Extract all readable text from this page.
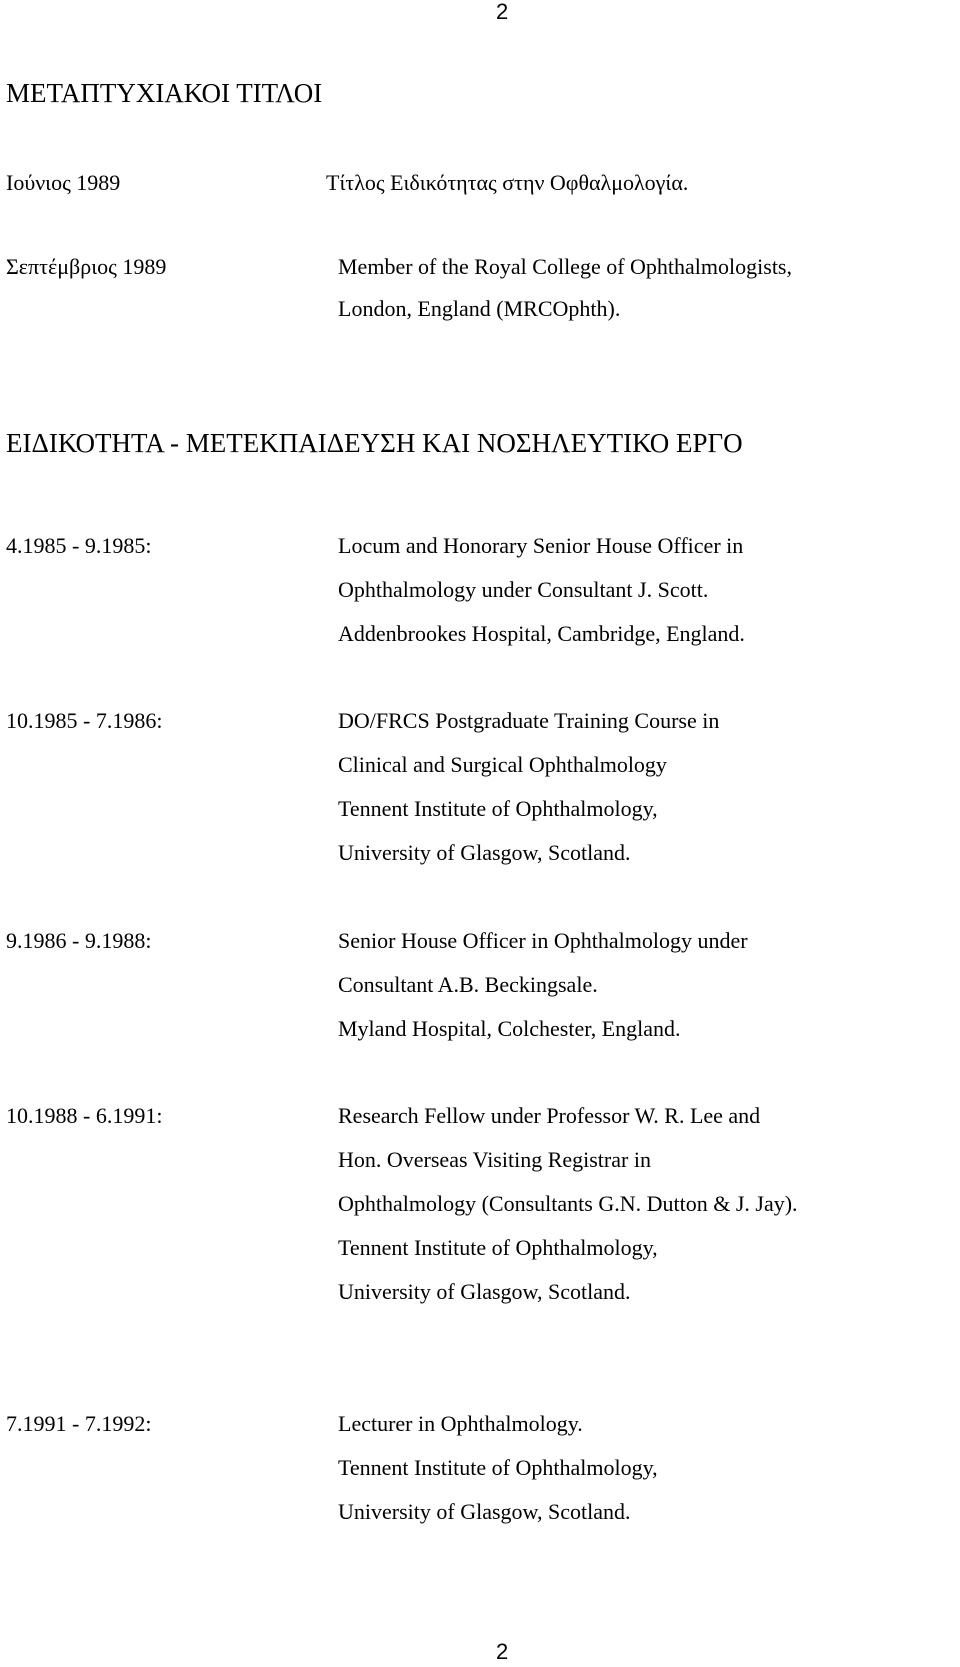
2
ΜΕΤΑΠΤΥΧΙΑΚΟΙ ΤΙΤΛΟΙ
Ιούνιος 1989	Τίτλος Ειδικότητας στην Οφθαλμολογία.
Σεπτέμβριος 1989	Member of the Royal College of Ophthalmologists,
London, England (MRCOphth).
ΕΙΔΙΚΟΤΗΤΑ - ΜΕΤΕΚΠΑΙΔΕΥΣΗ ΚΑΙ ΝΟΣΗΛΕΥΤΙΚΟ ΕΡΓΟ
4.1985 - 9.1985:	Locum and Honorary Senior House Officer in
Ophthalmology under Consultant J. Scott.
Addenbrookes Hospital, Cambridge, England.
10.1985 - 7.1986:	DO/FRCS Postgraduate Training Course in
Clinical and Surgical Ophthalmology
Tennent Institute of Ophthalmology,
University of Glasgow, Scotland.
9.1986 - 9.1988:	Senior House Officer in Ophthalmology under
Consultant A.B. Beckingsale.
Myland Hospital, Colchester, England.
10.1988 - 6.1991:	Research Fellow under Professor W. R. Lee and
Hon. Overseas Visiting Registrar in
Ophthalmology (Consultants G.N. Dutton & J. Jay).
Tennent Institute of Ophthalmology,
University of Glasgow, Scotland.
7.1991 - 7.1992:	Lecturer in Ophthalmology.
Tennent Institute of Ophthalmology,
University of Glasgow, Scotland.
2
